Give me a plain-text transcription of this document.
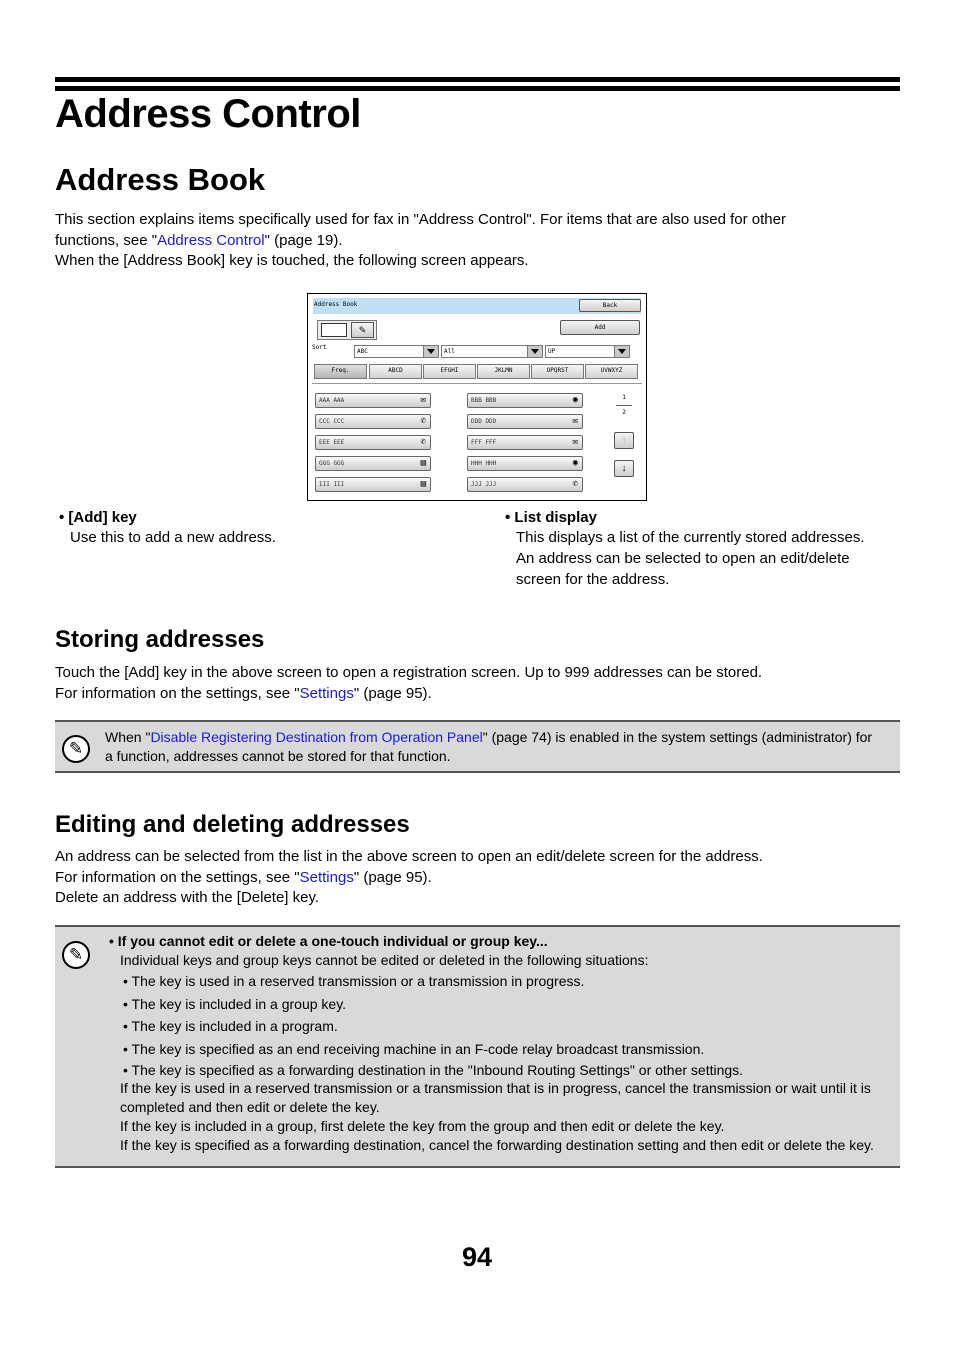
Address Control
Address Book
This section explains items specifically used for fax in "Address Control". For items that are also used for other
functions, see "Address Control" (page 19).
When the [Address Book] key is touched, the following screen appears.
Address Book	Back
Add
✎
Sort
ABC	All	UP
Freq.	ABCD	EFGHI	JKLMN	OPQRST	UVWXYZ
AAA AAA	✉
CCC CCC	✆
EEE EEE	✆
GGG GGG	▤
III III	▤
BBB BBB	◉
DDD DDD	✉
FFF FFF	✉
HHH HHH	◉
JJJ JJJ	✆
1
2
↑
↓
• [Add] key
Use this to add a new address.
• List display
This displays a list of the currently stored addresses.
An address can be selected to open an edit/delete
screen for the address.
Storing addresses
Touch the [Add] key in the above screen to open a registration screen. Up to 999 addresses can be stored.
For information on the settings, see "Settings" (page 95).
✎
When "Disable Registering Destination from Operation Panel" (page 74) is enabled in the system settings (administrator) for
a function, addresses cannot be stored for that function.
Editing and deleting addresses
An address can be selected from the list in the above screen to open an edit/delete screen for the address.
For information on the settings, see "Settings" (page 95).
Delete an address with the [Delete] key.
✎
• If you cannot edit or delete a one-touch individual or group key...
Individual keys and group keys cannot be edited or deleted in the following situations:
• The key is used in a reserved transmission or a transmission in progress.
• The key is included in a group key.
• The key is included in a program.
• The key is specified as an end receiving machine in an F-code relay broadcast transmission.
• The key is specified as a forwarding destination in the "Inbound Routing Settings" or other settings.
If the key is used in a reserved transmission or a transmission that is in progress, cancel the transmission or wait until it is
completed and then edit or delete the key.
If the key is included in a group, first delete the key from the group and then edit or delete the key.
If the key is specified as a forwarding destination, cancel the forwarding destination setting and then edit or delete the key.
94
